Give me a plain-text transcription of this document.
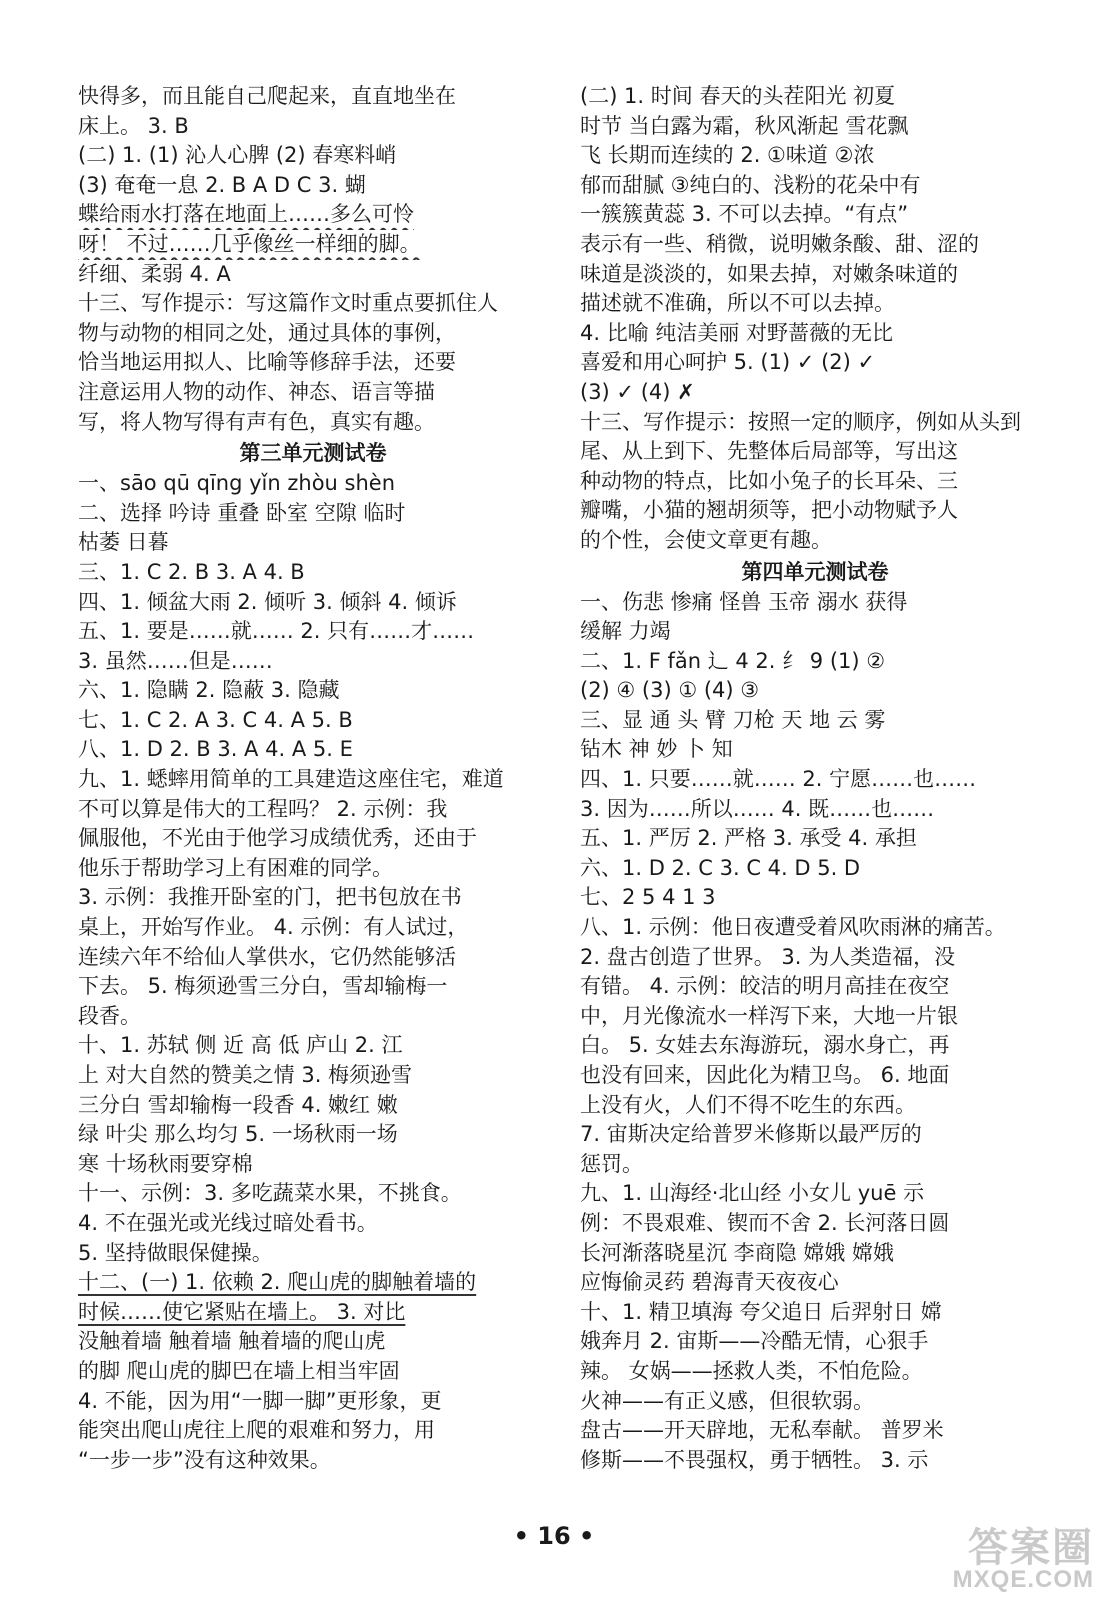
快得多，而且能自己爬起来，直直地坐在
床上。 3. B
(二) 1. (1) 沁人心脾 (2) 春寒料峭
(3) 奄奄一息 2. B A D C 3. 蝴
蝶给雨水打落在地面上……多么可怜
呀！ 不过……几乎像丝一样细的脚。
纤细、柔弱 4. A
十三、写作提示：写这篇作文时重点要抓住人
物与动物的相同之处，通过具体的事例，
恰当地运用拟人、比喻等修辞手法，还要
注意运用人物的动作、神态、语言等描
写，将人物写得有声有色，真实有趣。
第三单元测试卷
一、sāo qū qīng yǐn zhòu shèn
二、选择 吟诗 重叠 卧室 空隙 临时
枯萎 日暮
三、1. C 2. B 3. A 4. B
四、1. 倾盆大雨 2. 倾听 3. 倾斜 4. 倾诉
五、1. 要是……就…… 2. 只有……才……
3. 虽然……但是……
六、1. 隐瞒 2. 隐蔽 3. 隐藏
七、1. C 2. A 3. C 4. A 5. B
八、1. D 2. B 3. A 4. A 5. E
九、1. 蟋蟀用简单的工具建造这座住宅，难道
不可以算是伟大的工程吗？ 2. 示例：我
佩服他，不光由于他学习成绩优秀，还由于
他乐于帮助学习上有困难的同学。
3. 示例：我推开卧室的门，把书包放在书
桌上，开始写作业。 4. 示例：有人试过，
连续六年不给仙人掌供水，它仍然能够活
下去。 5. 梅须逊雪三分白，雪却输梅一
段香。
十、1. 苏轼 侧 近 高 低 庐山 2. 江
上 对大自然的赞美之情 3. 梅须逊雪
三分白 雪却输梅一段香 4. 嫩红 嫩
绿 叶尖 那么均匀 5. 一场秋雨一场
寒 十场秋雨要穿棉
十一、示例：3. 多吃蔬菜水果，不挑食。
4. 不在强光或光线过暗处看书。
5. 坚持做眼保健操。
十二、(一) 1. 依赖 2. 爬山虎的脚触着墙的
时候……使它紧贴在墙上。 3. 对比
没触着墙 触着墙 触着墙的爬山虎
的脚 爬山虎的脚巴在墙上相当牢固
4. 不能，因为用“一脚一脚”更形象，更
能突出爬山虎往上爬的艰难和努力，用
“一步一步”没有这种效果。
(二) 1. 时间 春天的头茬阳光 初夏
时节 当白露为霜，秋风渐起 雪花飘
飞 长期而连续的 2. ①味道 ②浓
郁而甜腻 ③纯白的、浅粉的花朵中有
一簇簇黄蕊 3. 不可以去掉。“有点”
表示有一些、稍微，说明嫩条酸、甜、涩的
味道是淡淡的，如果去掉，对嫩条味道的
描述就不准确，所以不可以去掉。
4. 比喻 纯洁美丽 对野蔷薇的无比
喜爱和用心呵护 5. (1) ✓ (2) ✓
(3) ✓ (4) ✗
十三、写作提示：按照一定的顺序，例如从头到
尾、从上到下、先整体后局部等，写出这
种动物的特点，比如小兔子的长耳朵、三
瓣嘴，小猫的翘胡须等，把小动物赋予人
的个性，会使文章更有趣。
第四单元测试卷
一、伤悲 惨痛 怪兽 玉帝 溺水 获得
缓解 力竭
二、1. F fǎn 辶 4 2. 纟 9 (1) ②
(2) ④ (3) ① (4) ③
三、显 通 头 臂 刀枪 天 地 云 雾
钻木 神 妙 卜 知
四、1. 只要……就…… 2. 宁愿……也……
3. 因为……所以…… 4. 既……也……
五、1. 严厉 2. 严格 3. 承受 4. 承担
六、1. D 2. C 3. C 4. D 5. D
七、2 5 4 1 3
八、1. 示例：他日夜遭受着风吹雨淋的痛苦。
2. 盘古创造了世界。 3. 为人类造福，没
有错。 4. 示例：皎洁的明月高挂在夜空
中，月光像流水一样泻下来，大地一片银
白。 5. 女娃去东海游玩，溺水身亡，再
也没有回来，因此化为精卫鸟。 6. 地面
上没有火，人们不得不吃生的东西。
7. 宙斯决定给普罗米修斯以最严厉的
惩罚。
九、1. 山海经·北山经 小女儿 yuē 示
例：不畏艰难、锲而不舍 2. 长河落日圆
长河渐落晓星沉 李商隐 嫦娥 嫦娥
应悔偷灵药 碧海青天夜夜心
十、1. 精卫填海 夸父追日 后羿射日 嫦
娥奔月 2. 宙斯——冷酷无情，心狠手
辣。 女娲——拯救人类，不怕危险。
火神——有正义感，但很软弱。
盘古——开天辟地，无私奉献。 普罗米
修斯——不畏强权，勇于牺牲。 3. 示
• 16 •	答案圈
MXQE.COM
